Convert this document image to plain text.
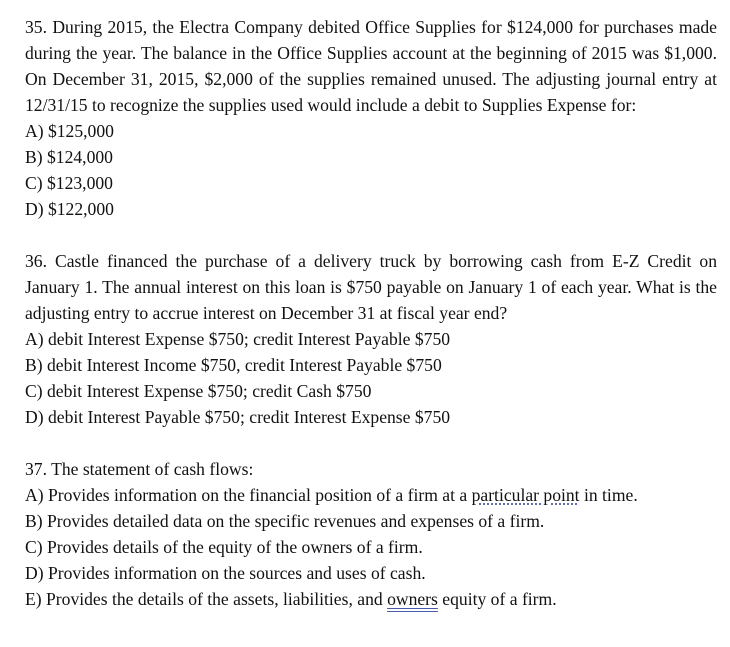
35. During 2015, the Electra Company debited Office Supplies for $124,000 for purchases made during the year. The balance in the Office Supplies account at the beginning of 2015 was $1,000. On December 31, 2015, $2,000 of the supplies remained unused. The adjusting journal entry at 12/31/15 to recognize the supplies used would include a debit to Supplies Expense for:

A) $125,000
B) $124,000
C) $123,000
D) $122,000

36. Castle financed the purchase of a delivery truck by borrowing cash from E-Z Credit on January 1. The annual interest on this loan is $750 payable on January 1 of each year. What is the adjusting entry to accrue interest on December 31 at fiscal year end?

A) debit Interest Expense $750; credit Interest Payable $750
B) debit Interest Income $750, credit Interest Payable $750
C) debit Interest Expense $750; credit Cash $750
D) debit Interest Payable $750; credit Interest Expense $750

37. The statement of cash flows:

A) Provides information on the financial position of a firm at a particular point in time.
B) Provides detailed data on the specific revenues and expenses of a firm.
C) Provides details of the equity of the owners of a firm.
D) Provides information on the sources and uses of cash.
E) Provides the details of the assets, liabilities, and owners equity of a firm.
